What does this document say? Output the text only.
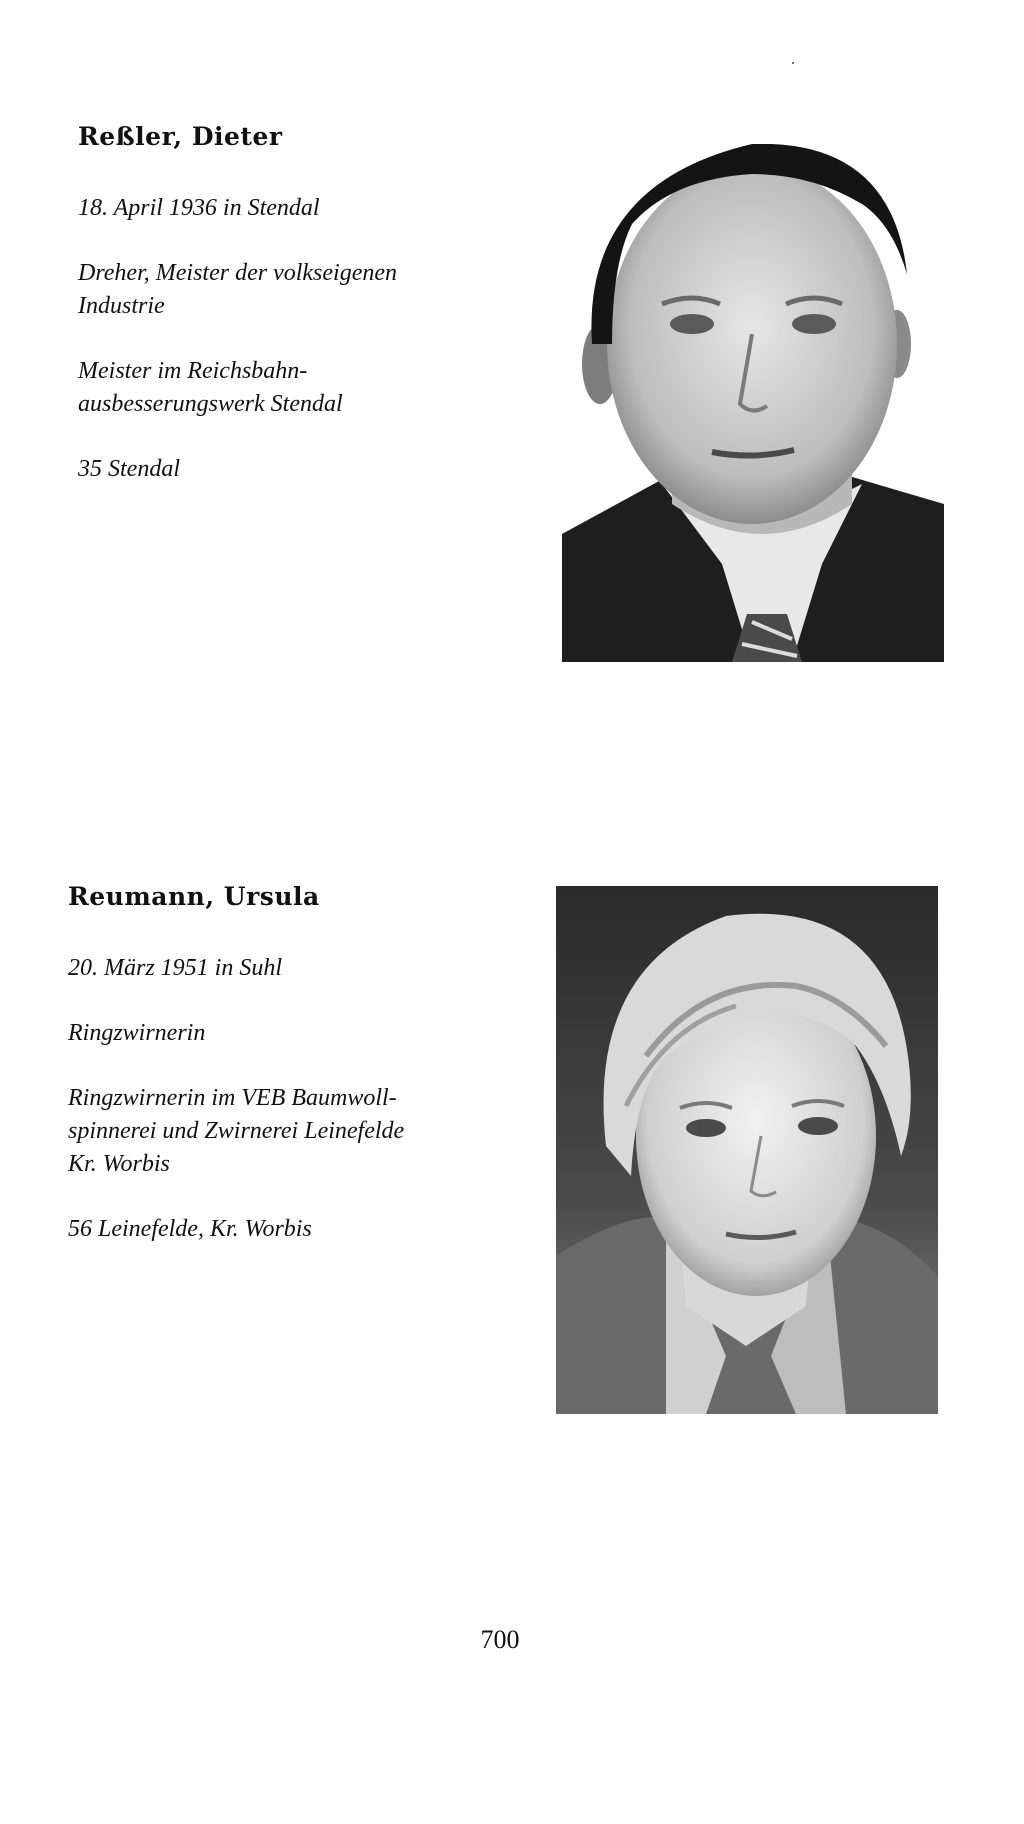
Reßler, Dieter

18. April 1936 in Stendal

Dreher, Meister der volkseigenen

Industrie

Meister im Reichsbahn-

ausbesserungswerk Stendal

35 Stendal

Reumann, Ursula

20. März 1951 in Suhl

Ringzwirnerin

Ringzwirnerin im VEB Baumwoll-

spinnerei und Zwirnerei Leinefelde

Kr. Worbis

56 Leinefelde, Kr. Worbis

700
